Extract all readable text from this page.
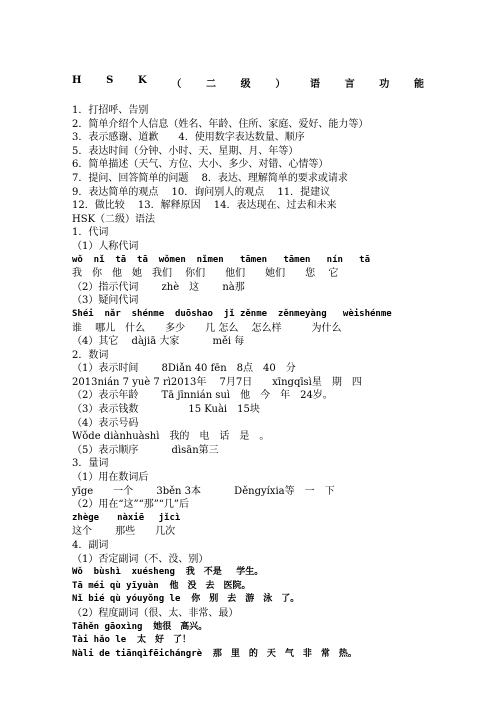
H S K （ 二 级 ） 语 言 功 能
1．打招呼、告别
2．简单介绍个人信息（姓名、年龄、住所、家庭、爱好、能力等）
3．表示感谢、道歉　　4．使用数字表达数量、顺序
5．表达时间（分钟、小时、天、星期、月、年等）
6．简单描述（天气、方位、大小、多少、对错、心情等）
7．提问、回答简单的问题　 8．表达、理解简单的要求或请求
9．表达简单的观点　 10．询问别人的观点　 11．提建议
12．做比较　 13．解释原因　 14．表达现在、过去和未来
HSK（二级）语法
1．代词
（1）人称代词
wǒ  nǐ  tā  tā  wǒmen  nǐmen   tāmen   tāmen   nín   tā
我　你　他　她　我们　 你们　　他们　　她们　　您　 它
（2）指示代词　　 zhè　这　　 nà那
（3）疑问代词
Shéi  nǎr  shénme  duōshao  jǐ zěnme  zěnmeyàng   wèishénme
谁　 哪儿　什么　　多少　　几 怎么　 怎么样　　　为什么
（4）其它　 dàjiā 大家　　　 měi 每
2．数词
（1）表示时间　　 8Diǎn 40 fēn　8点　40　分
2013nián 7 yuè 7 rì2013年　 7月7日　　xīngqīsì星　期　四
（2）表示年龄　　 Tā jīnnián suì　他　今　年　24岁。
（3）表示钱数　　　　　15 Kuài　15块
（4）表示号码
Wǒde diànhuàshì　我的　电　话　是　。
（5）表示顺序　　　 dìsān第三
3．量词
（1）用在数词后
yīge　　一个　　 3běn 3本　　　 Děngyíxia等　一　下
（2）用在“这”“那”“几”后
zhège　　nàxiē　 jǐcì
这个　　 那些　　几次
4．副词
（1）否定副词（不、没、别）
Wǒ  bùshì  xuésheng  我　不是　 学生。
Tā méi qù yīyuàn  他　没　去　医院。
Nǐ bié qù yóuyǒng le  你　别　去　游　泳　了。
（2）程度副词（很、太、非常、最）
Tāhěn gāoxìng  她很　高兴。
Tài hǎo le  太　好　了！
Nàli de tiānqìfēichángrè  那　里　的　天　气　非　常　热。
